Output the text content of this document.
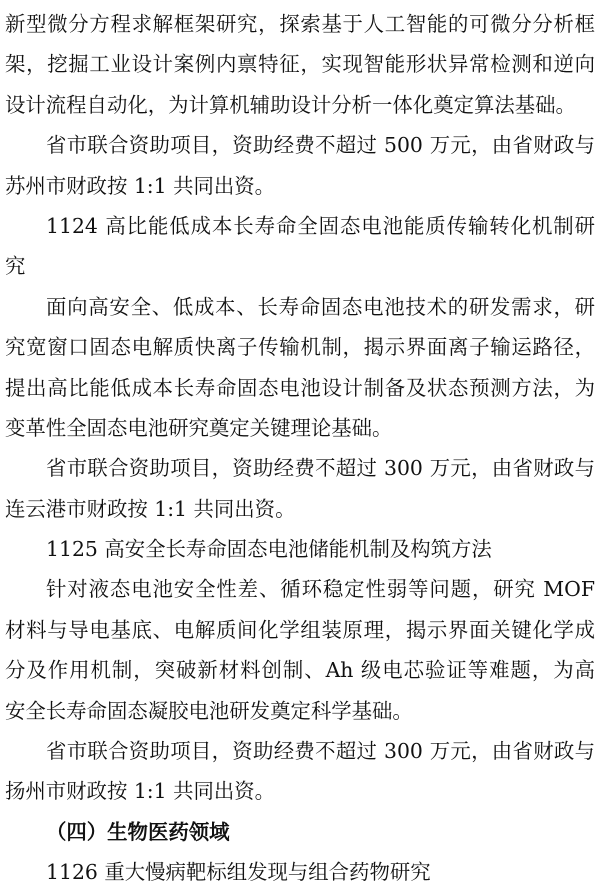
新型微分方程求解框架研究，探索基于人工智能的可微分分析框
架，挖掘工业设计案例内禀特征，实现智能形状异常检测和逆向
设计流程自动化，为计算机辅助设计分析一体化奠定算法基础。
省市联合资助项目，资助经费不超过 500 万元，由省财政与
苏州市财政按 1:1 共同出资。
1124 高比能低成本长寿命全固态电池能质传输转化机制研
究
面向高安全、低成本、长寿命固态电池技术的研发需求，研
究宽窗口固态电解质快离子传输机制，揭示界面离子输运路径，
提出高比能低成本长寿命固态电池设计制备及状态预测方法，为
变革性全固态电池研究奠定关键理论基础。
省市联合资助项目，资助经费不超过 300 万元，由省财政与
连云港市财政按 1:1 共同出资。
1125 高安全长寿命固态电池储能机制及构筑方法
针对液态电池安全性差、循环稳定性弱等问题，研究 MOF
材料与导电基底、电解质间化学组装原理，揭示界面关键化学成
分及作用机制，突破新材料创制、Ah 级电芯验证等难题，为高
安全长寿命固态凝胶电池研发奠定科学基础。
省市联合资助项目，资助经费不超过 300 万元，由省财政与
扬州市财政按 1:1 共同出资。
（四）生物医药领域
1126 重大慢病靶标组发现与组合药物研究
